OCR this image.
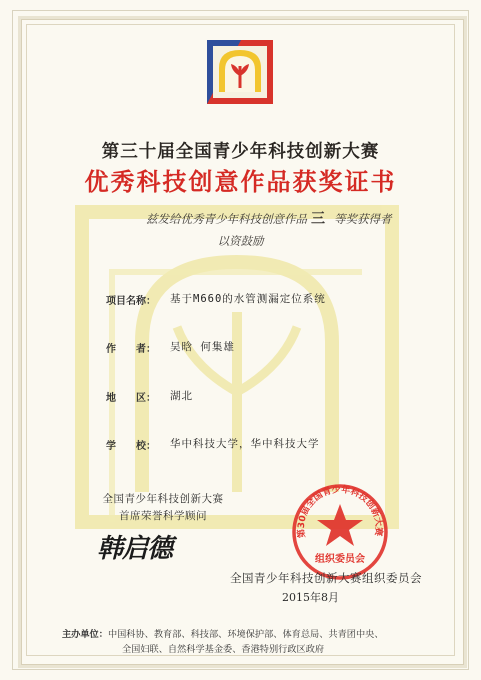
第三十届全国青少年科技创新大赛
优秀科技创意作品获奖证书
兹发给优秀青少年科技创意作品 三 等奖获得者
以资鼓励
项目名称： 基于M660的水管测漏定位系统
作　　者： 吴晗 何集雄
地　　区： 湖北
学　　校： 华中科技大学，华中科技大学
全国青少年科技创新大赛
首席荣誉科学顾问
韩启德
第30届全国青少年科技创新大赛
组织委员会
全国青少年科技创新大赛组织委员会
2015年8月
主办单位：中国科协、教育部、科技部、环境保护部、体育总局、共青团中央、
全国妇联、自然科学基金委、香港特别行政区政府
